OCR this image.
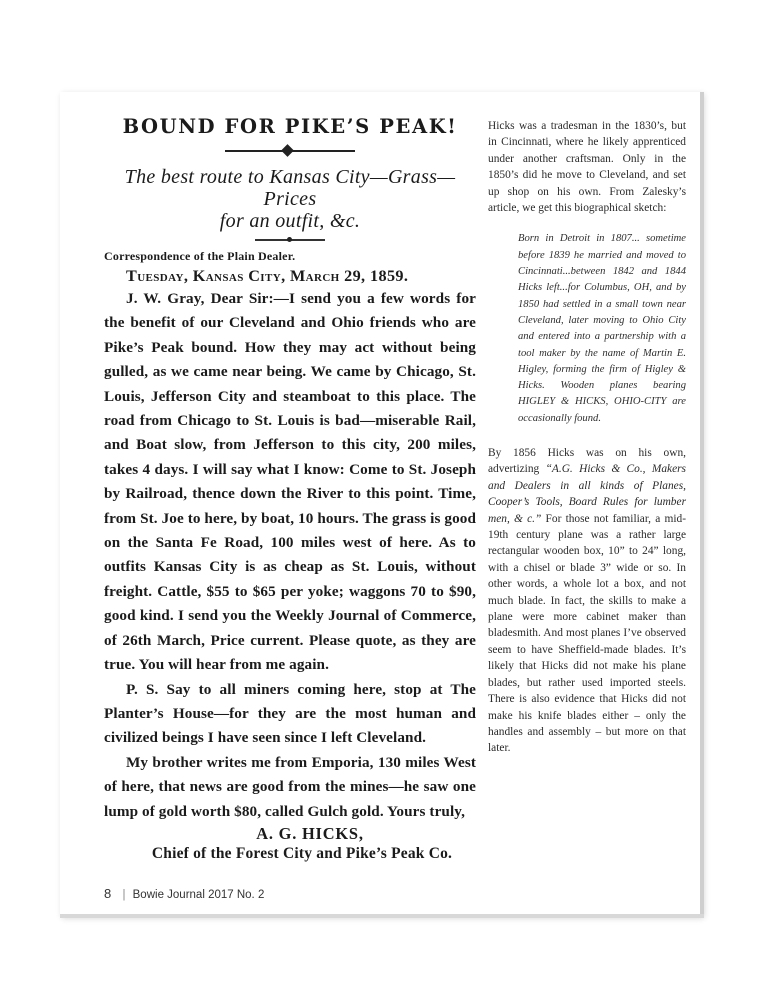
BOUND FOR PIKE’S PEAK!
The best route to Kansas City—Grass—Prices
for an outfit, &c.
Correspondence of the Plain Dealer.
Tuesday, Kansas City, March 29, 1859.
J. W. Gray, Dear Sir:—I send you a few words for the benefit of our Cleveland and Ohio friends who are Pike’s Peak bound. How they may act without being gulled, as we came near being. We came by Chicago, St. Louis, Jefferson City and steamboat to this place. The road from Chicago to St. Louis is bad—miserable Rail, and Boat slow, from Jefferson to this city, 200 miles, takes 4 days. I will say what I know: Come to St. Joseph by Railroad, thence down the River to this point. Time, from St. Joe to here, by boat, 10 hours. The grass is good on the Santa Fe Road, 100 miles west of here. As to outfits Kansas City is as cheap as St. Louis, without freight. Cattle, $55 to $65 per yoke; waggons 70 to $90, good kind. I send you the Weekly Journal of Commerce, of 26th March, Price current. Please quote, as they are true. You will hear from me again.
P. S. Say to all miners coming here, stop at The Planter’s House—for they are the most human and civilized beings I have seen since I left Cleveland.
My brother writes me from Emporia, 130 miles West of here, that news are good from the mines—he saw one lump of gold worth $80, called Gulch gold. Yours truly,
A. G. HICKS,
Chief of the Forest City and Pike’s Peak Co.

Hicks was a tradesman in the 1830’s, but in Cincinnati, where he likely apprenticed under another craftsman. Only in the 1850’s did he move to Cleveland, and set up shop on his own. From Zalesky’s article, we get this biographical sketch:

Born in Detroit in 1807... sometime before 1839 he married and moved to Cincinnati...between 1842 and 1844 Hicks left...for Columbus, OH, and by 1850 had settled in a small town near Cleveland, later moving to Ohio City and entered into a partnership with a tool maker by the name of Martin E. Higley, forming the firm of Higley & Hicks. Wooden planes bearing HIGLEY & HICKS, OHIO-CITY are occasionally found.

By 1856 Hicks was on his own, advertizing “A.G. Hicks & Co., Makers and Dealers in all kinds of Planes, Cooper’s Tools, Board Rules for lumber men, & c.” For those not familiar, a mid-19th century plane was a rather large rectangular wooden box, 10” to 24” long, with a chisel or blade 3” wide or so. In other words, a whole lot a box, and not much blade. In fact, the skills to make a plane were more cabinet maker than bladesmith. And most planes I’ve observed seem to have Sheffield-made blades. It’s likely that Hicks did not make his plane blades, but rather used imported steels. There is also evidence that Hicks did not make his knife blades either – only the handles and assembly – but more on that later.

8 | Bowie Journal 2017 No. 2
